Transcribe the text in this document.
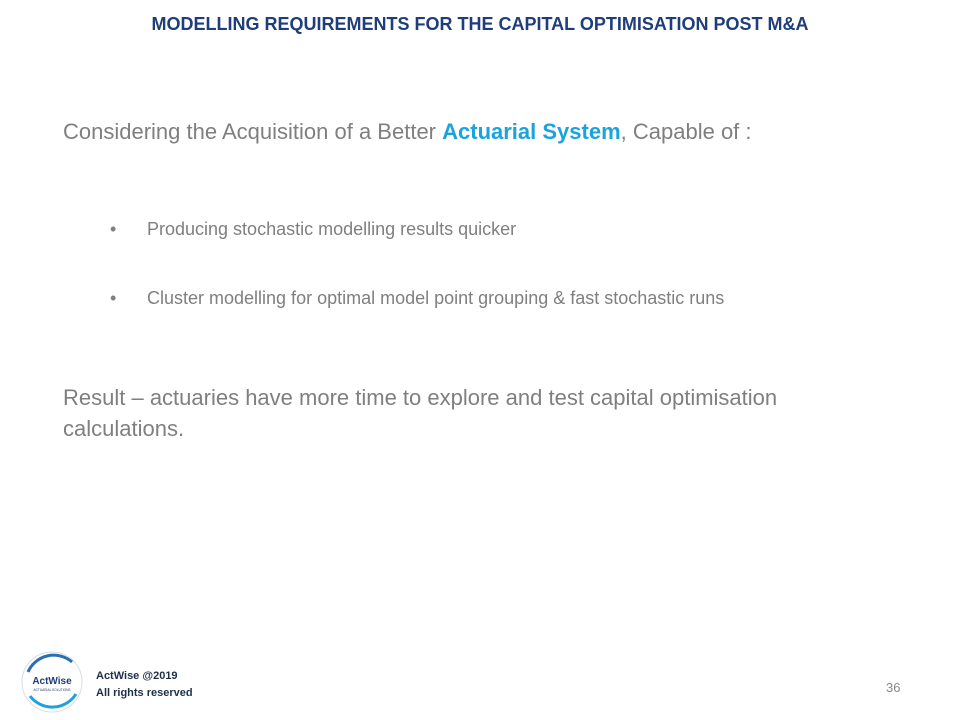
MODELLING REQUIREMENTS FOR THE CAPITAL OPTIMISATION POST M&A
Considering the Acquisition of a Better Actuarial System, Capable of :
• Producing stochastic modelling results quicker
• Cluster modelling for optimal model point grouping & fast stochastic runs
Result – actuaries have more time to explore and test capital optimisation calculations.
ActWise
ACTUARIAL SOLUTIONS
ActWise @2019
All rights reserved	36
